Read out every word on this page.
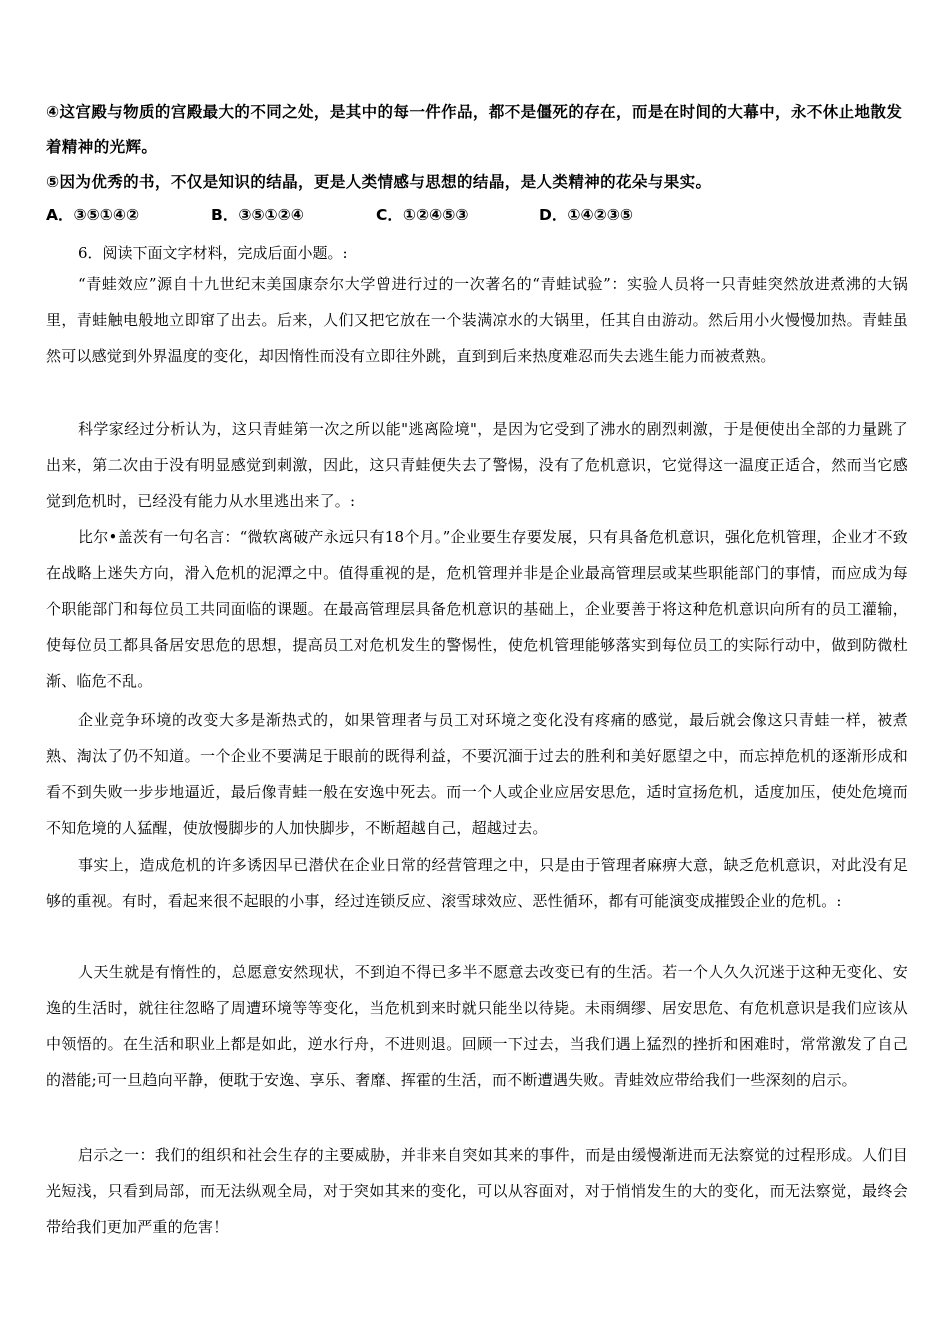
④这宫殿与物质的宫殿最大的不同之处，是其中的每一件作品，都不是僵死的存在，而是在时间的大幕中，永不休止地散发着精神的光辉。
⑤因为优秀的书，不仅是知识的结晶，更是人类情感与思想的结晶，是人类精神的花朵与果实。
A．③⑤①④②	B．③⑤①②④	C．①②④⑤③	D．①④②③⑤
6．阅读下面文字材料，完成后面小题。:
“青蛙效应”源自十九世纪末美国康奈尔大学曾进行过的一次著名的“青蛙试验”：实验人员将一只青蛙突然放进煮沸的大锅里，青蛙触电般地立即窜了出去。后来，人们又把它放在一个装满凉水的大锅里，任其自由游动。然后用小火慢慢加热。青蛙虽然可以感觉到外界温度的变化，却因惰性而没有立即往外跳，直到到后来热度难忍而失去逃生能力而被煮熟。
科学家经过分析认为，这只青蛙第一次之所以能"逃离险境"，是因为它受到了沸水的剧烈刺激，于是便使出全部的力量跳了出来，第二次由于没有明显感觉到刺激，因此，这只青蛙便失去了警惕，没有了危机意识，它觉得这一温度正适合，然而当它感觉到危机时，已经没有能力从水里逃出来了。:
比尔•盖茨有一句名言：“微软离破产永远只有18个月。”企业要生存要发展，只有具备危机意识，强化危机管理，企业才不致在战略上迷失方向，滑入危机的泥潭之中。值得重视的是，危机管理并非是企业最高管理层或某些职能部门的事情，而应成为每个职能部门和每位员工共同面临的课题。在最高管理层具备危机意识的基础上，企业要善于将这种危机意识向所有的员工灌输，使每位员工都具备居安思危的思想，提高员工对危机发生的警惕性，使危机管理能够落实到每位员工的实际行动中，做到防微杜渐、临危不乱。
企业竞争环境的改变大多是渐热式的，如果管理者与员工对环境之变化没有疼痛的感觉，最后就会像这只青蛙一样，被煮熟、淘汰了仍不知道。一个企业不要满足于眼前的既得利益，不要沉湎于过去的胜利和美好愿望之中，而忘掉危机的逐渐形成和看不到失败一步步地逼近，最后像青蛙一般在安逸中死去。而一个人或企业应居安思危，适时宣扬危机，适度加压，使处危境而不知危境的人猛醒，使放慢脚步的人加快脚步，不断超越自己，超越过去。
事实上，造成危机的许多诱因早已潜伏在企业日常的经营管理之中，只是由于管理者麻痹大意，缺乏危机意识，对此没有足够的重视。有时，看起来很不起眼的小事，经过连锁反应、滚雪球效应、恶性循环，都有可能演变成摧毁企业的危机。:
人天生就是有惰性的，总愿意安然现状，不到迫不得已多半不愿意去改变已有的生活。若一个人久久沉迷于这种无变化、安逸的生活时，就往往忽略了周遭环境等等变化，当危机到来时就只能坐以待毙。未雨绸缪、居安思危、有危机意识是我们应该从中领悟的。在生活和职业上都是如此，逆水行舟，不进则退。回顾一下过去，当我们遇上猛烈的挫折和困难时，常常激发了自己的潜能;可一旦趋向平静，便耽于安逸、享乐、奢靡、挥霍的生活，而不断遭遇失败。青蛙效应带给我们一些深刻的启示。
启示之一：我们的组织和社会生存的主要威胁，并非来自突如其来的事件，而是由缓慢渐进而无法察觉的过程形成。人们目光短浅，只看到局部，而无法纵观全局，对于突如其来的变化，可以从容面对，对于悄悄发生的大的变化，而无法察觉，最终会带给我们更加严重的危害！
